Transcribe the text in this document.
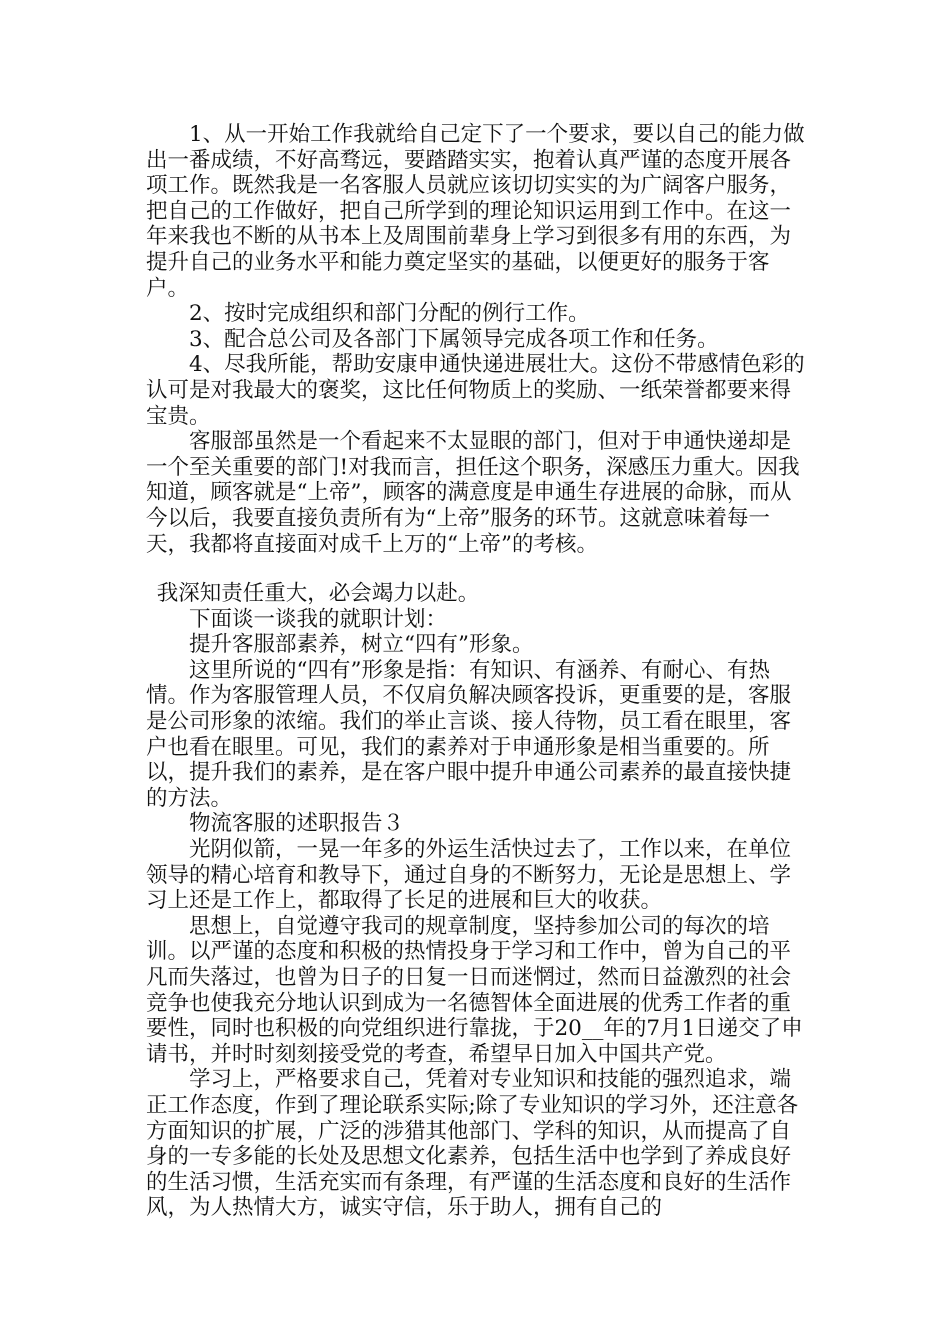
1、从一开始工作我就给自己定下了一个要求，要以自己的能力做出一番成绩，不好高骛远，要踏踏实实，抱着认真严谨的态度开展各项工作。既然我是一名客服人员就应该切切实实的为广阔客户服务，把自己的工作做好，把自己所学到的理论知识运用到工作中。在这一年来我也不断的从书本上及周围前辈身上学习到很多有用的东西，为提升自己的业务水平和能力奠定坚实的基础，以便更好的服务于客户。

2、按时完成组织和部门分配的例行工作。

3、配合总公司及各部门下属领导完成各项工作和任务。

4、尽我所能，帮助安康申通快递进展壮大。这份不带感情色彩的认可是对我最大的褒奖，这比任何物质上的奖励、一纸荣誉都要来得宝贵。

客服部虽然是一个看起来不太显眼的部门，但对于申通快递却是一个至关重要的部门!对我而言，担任这个职务，深感压力重大。因我知道，顾客就是“上帝”，顾客的满意度是申通生存进展的命脉，而从今以后，我要直接负责所有为“上帝”服务的环节。这就意味着每一天，我都将直接面对成千上万的“上帝”的考核。

我深知责任重大，必会竭力以赴。

下面谈一谈我的就职计划：

提升客服部素养，树立“四有”形象。

这里所说的“四有”形象是指：有知识、有涵养、有耐心、有热情。作为客服管理人员，不仅肩负解决顾客投诉，更重要的是，客服是公司形象的浓缩。我们的举止言谈、接人待物，员工看在眼里，客户也看在眼里。可见，我们的素养对于申通形象是相当重要的。所以，提升我们的素养，是在客户眼中提升申通公司素养的最直接快捷的方法。

物流客服的述职报告３

光阴似箭，一晃一年多的外运生活快过去了，工作以来，在单位领导的精心培育和教导下，通过自身的不断努力，无论是思想上、学习上还是工作上，都取得了长足的进展和巨大的收获。

思想上，自觉遵守我司的规章制度，坚持参加公司的每次的培训。以严谨的态度和积极的热情投身于学习和工作中，曾为自己的平凡而失落过，也曾为日子的日复一日而迷惘过，然而日益激烈的社会竞争也使我充分地认识到成为一名德智体全面进展的优秀工作者的重要性，同时也积极的向党组织进行靠拢，于20__年的7月1日递交了申请书，并时时刻刻接受党的考查，希望早日加入中国共产党。

学习上，严格要求自己，凭着对专业知识和技能的强烈追求，端正工作态度，作到了理论联系实际;除了专业知识的学习外，还注意各方面知识的扩展，广泛的涉猎其他部门、学科的知识，从而提高了自身的一专多能的长处及思想文化素养，包括生活中也学到了养成良好的生活习惯，生活充实而有条理，有严谨的生活态度和良好的生活作风，为人热情大方，诚实守信，乐于助人，拥有自己的
